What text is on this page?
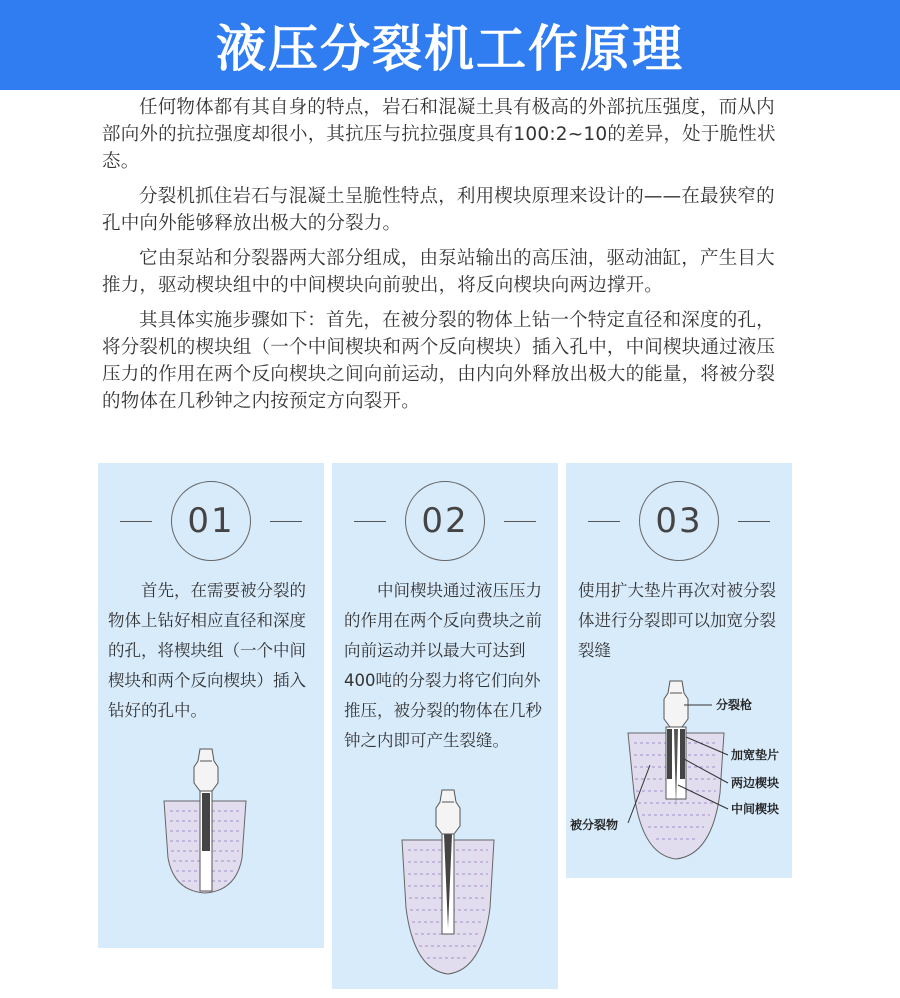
液压分裂机工作原理

任何物体都有其自身的特点，岩石和混凝土具有极高的外部抗压强度，而从内部向外的抗拉强度却很小，其抗压与抗拉强度具有100:2~10的差异，处于脆性状态。

分裂机抓住岩石与混凝土呈脆性特点，利用楔块原理来设计的——在最狭窄的孔中向外能够释放出极大的分裂力。

它由泵站和分裂器两大部分组成，由泵站输出的高压油，驱动油缸，产生目大推力，驱动楔块组中的中间楔块向前驶出，将反向楔块向两边撑开。

其具体实施步骤如下：首先，在被分裂的物体上钻一个特定直径和深度的孔，将分裂机的楔块组（一个中间楔块和两个反向楔块）插入孔中，中间楔块通过液压压力的作用在两个反向楔块之间向前运动，由内向外释放出极大的能量，将被分裂的物体在几秒钟之内按预定方向裂开。

01

首先，在需要被分裂的物体上钻好相应直径和深度的孔，将楔块组（一个中间楔块和两个反向楔块）插入钻好的孔中。

02

中间楔块通过液压压力的作用在两个反向费块之前向前运动并以最大可达到400吨的分裂力将它们向外推压，被分裂的物体在几秒钟之内即可产生裂缝。

03

使用扩大垫片再次对被分裂体进行分裂即可以加宽分裂裂缝

分裂枪
加宽垫片
两边楔块
中间楔块
被分裂物
